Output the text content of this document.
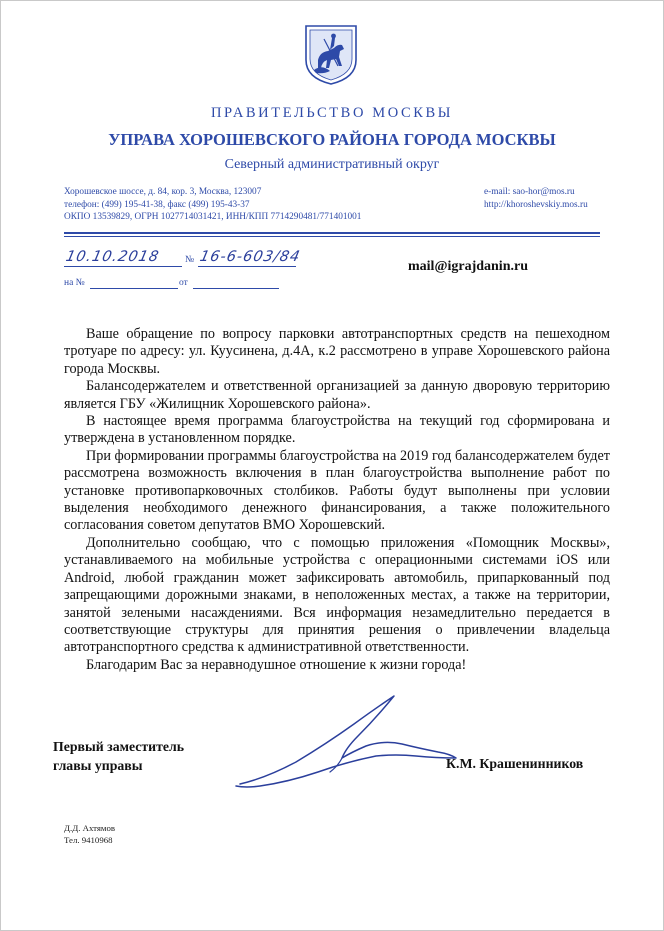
ПРАВИТЕЛЬСТВО МОСКВЫ
УПРАВА ХОРОШЕВСКОГО РАЙОНА ГОРОДА МОСКВЫ
Северный административный округ
Хорошевское шоссе, д. 84, кор. 3, Москва, 123007
телефон: (499) 195-41-38, факс (499) 195-43-37
ОКПО 13539829, ОГРН 1027714031421, ИНН/КПП 7714290481/771401001
e-mail: sao-hor@mos.ru
http://khoroshevskiy.mos.ru
10.10.2018	№ 16-6-603/84
на №	от
mail@igrajdanin.ru

Ваше обращение по вопросу парковки автотранспортных средств на пешеходном тротуаре по адресу: ул. Куусинена, д.4А, к.2 рассмотрено в управе Хорошевского района города Москвы.

Балансодержателем и ответственной организацией за данную дворовую территорию является ГБУ «Жилищник Хорошевского района».

В настоящее время программа благоустройства на текущий год сформирована и утверждена в установленном порядке.

При формировании программы благоустройства на 2019 год балансодержателем будет рассмотрена возможность включения в план благоустройства выполнение работ по установке противопарковочных столбиков. Работы будут выполнены при условии выделения необходимого денежного финансирования, а также положительного согласования советом депутатов ВМО Хорошевский.

Дополнительно сообщаю, что с помощью приложения «Помощник Москвы», устанавливаемого на мобильные устройства с операционными системами iOS или Android, любой гражданин может зафиксировать автомобиль, припаркованный под запрещающими дорожными знаками, в неположенных местах, а также на территории, занятой зелеными насаждениями. Вся информация незамедлительно передается в соответствующие структуры для принятия решения о привлечении владельца автотранспортного средства к административной ответственности.

Благодарим Вас за неравнодушное отношение к жизни города!

Первый заместитель
главы управы	К.М. Крашенинников
Д.Д. Ахтямов
Тел. 9410968
